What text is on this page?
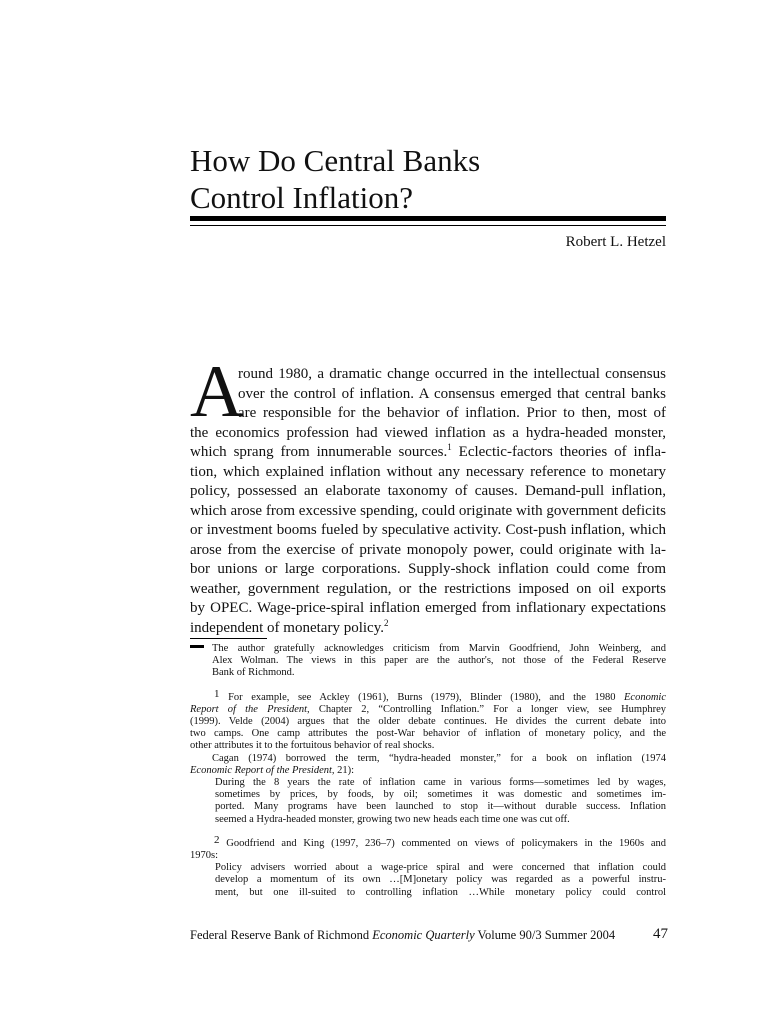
How Do Central Banks
Control Inflation?
Robert L. Hetzel
A
round 1980, a dramatic change occurred in the intellectual consensus
over the control of inflation. A consensus emerged that central banks
are responsible for the behavior of inflation. Prior to then, most of
the economics profession had viewed inflation as a hydra-headed monster,
which sprang from innumerable sources.$^1$ Eclectic-factors theories of infla-
tion, which explained inflation without any necessary reference to monetary
policy, possessed an elaborate taxonomy of causes. Demand-pull inflation,
which arose from excessive spending, could originate with government deficits
or investment booms fueled by speculative activity. Cost-push inflation, which
arose from the exercise of private monopoly power, could originate with la-
bor unions or large corporations. Supply-shock inflation could come from
weather, government regulation, or the restrictions imposed on oil exports
by OPEC. Wage-price-spiral inflation emerged from inflationary expectations
independent of monetary policy.$^2$
The author gratefully acknowledges criticism from Marvin Goodfriend, John Weinberg, and
Alex Wolman. The views in this paper are the author's, not those of the Federal Reserve
Bank of Richmond.
1 For example, see Ackley (1961), Burns (1979), Blinder (1980), and the 1980 Economic
Report of the President, Chapter 2, “Controlling Inflation.” For a longer view, see Humphrey
(1999). Velde (2004) argues that the older debate continues. He divides the current debate into
two camps. One camp attributes the post-War behavior of inflation of monetary policy, and the
other attributes it to the fortuitous behavior of real shocks.
Cagan (1974) borrowed the term, “hydra-headed monster,” for a book on inflation (1974
Economic Report of the President, 21):
During the 8 years the rate of inflation came in various forms—sometimes led by wages,
sometimes by prices, by foods, by oil; sometimes it was domestic and sometimes im-
ported. Many programs have been launched to stop it—without durable success. Inflation
seemed a Hydra-headed monster, growing two new heads each time one was cut off.
2 Goodfriend and King (1997, 236–7) commented on views of policymakers in the 1960s and
1970s:
Policy advisers worried about a wage-price spiral and were concerned that inflation could
develop a momentum of its own …[M]onetary policy was regarded as a powerful instru-
ment, but one ill-suited to controlling inflation …While monetary policy could control
Federal Reserve Bank of Richmond Economic Quarterly Volume 90/3 Summer 2004	47
